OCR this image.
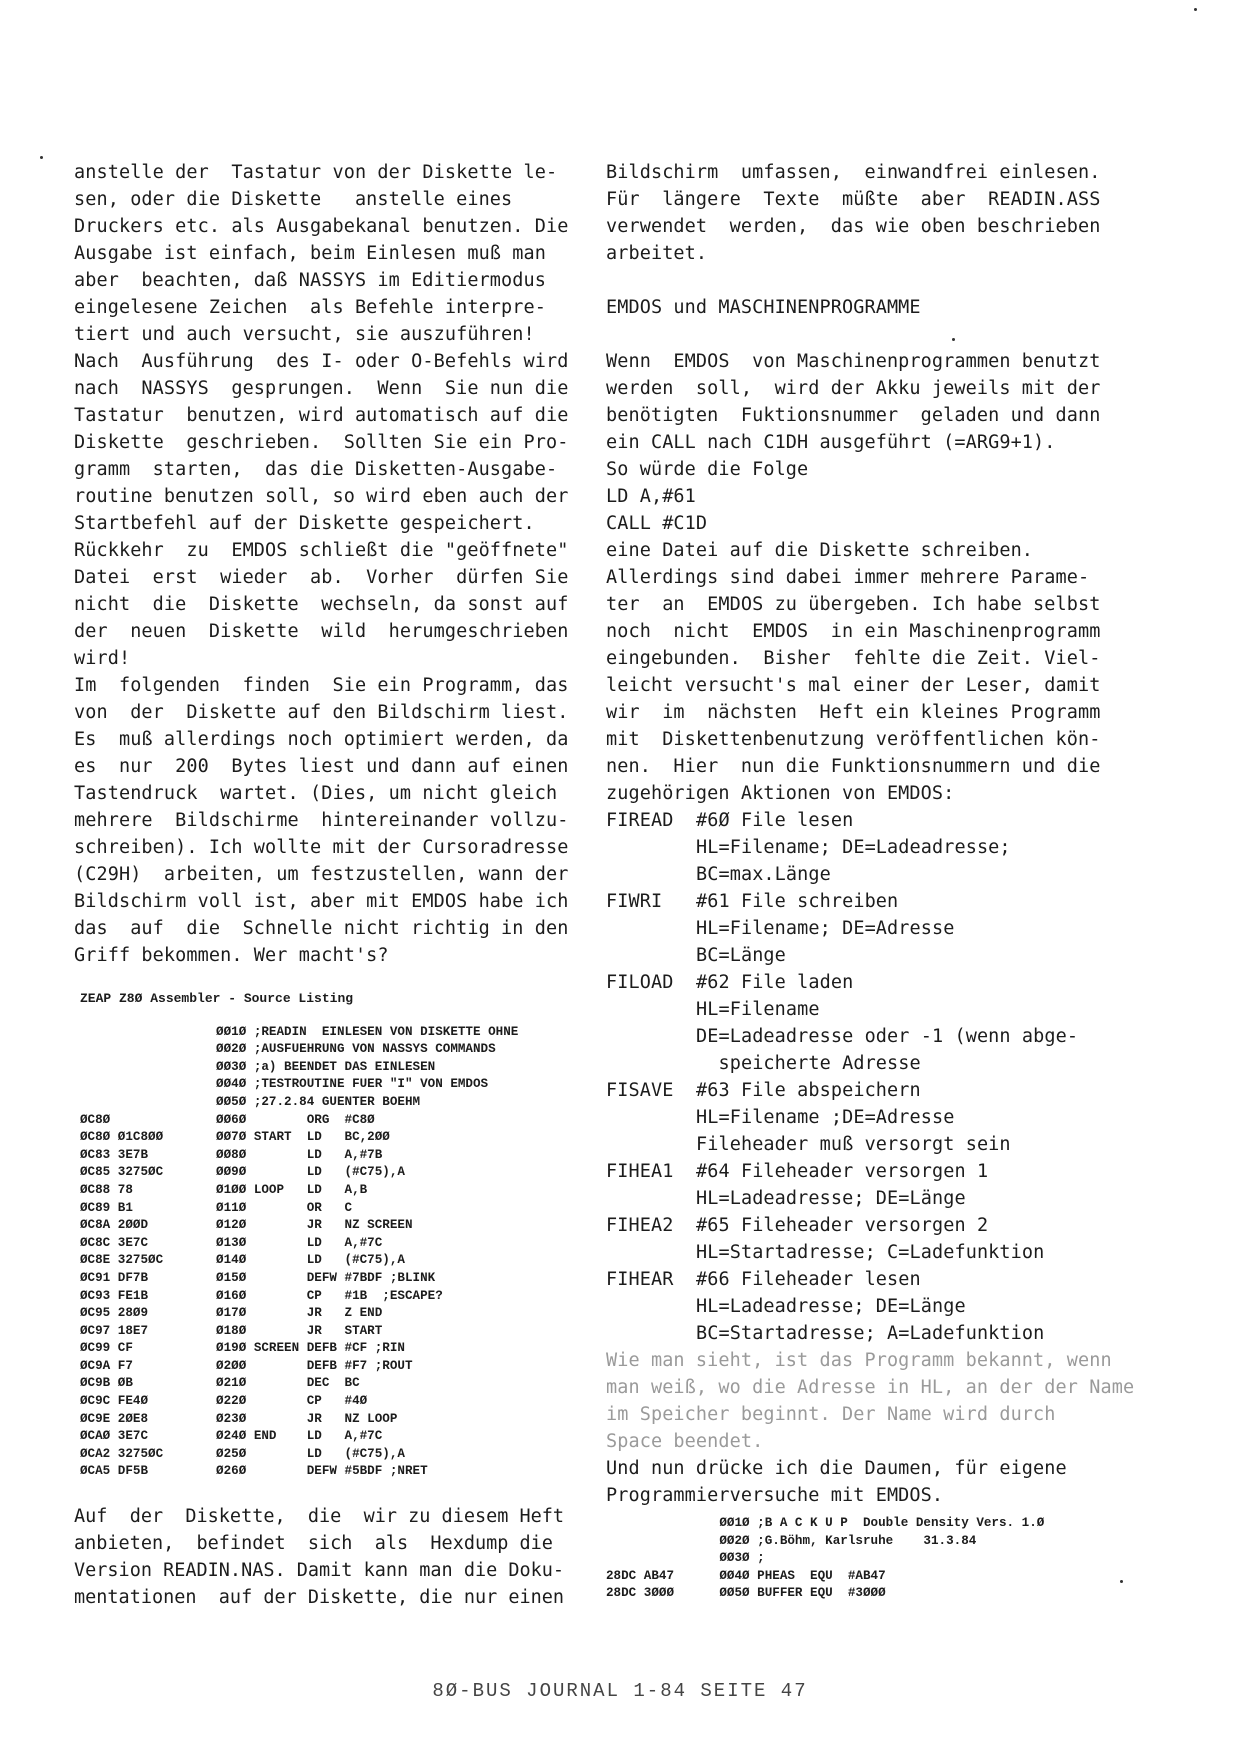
anstelle der  Tastatur von der Diskette le-
sen, oder die Diskette   anstelle eines
Druckers etc. als Ausgabekanal benutzen. Die
Ausgabe ist einfach, beim Einlesen muß man
aber  beachten, daß NASSYS im Editiermodus
eingelesene Zeichen  als Befehle interpre-
tiert und auch versucht, sie auszuführen!
Nach  Ausführung  des I- oder O-Befehls wird
nach  NASSYS  gesprungen.  Wenn  Sie nun die
Tastatur  benutzen, wird automatisch auf die
Diskette  geschrieben.  Sollten Sie ein Pro-
gramm  starten,  das die Disketten-Ausgabe-
routine benutzen soll, so wird eben auch der
Startbefehl auf der Diskette gespeichert.
Rückkehr  zu  EMDOS schließt die "geöffnete"
Datei  erst  wieder  ab.  Vorher  dürfen Sie
nicht  die  Diskette  wechseln, da sonst auf
der  neuen  Diskette  wild  herumgeschrieben
wird!
Im  folgenden  finden  Sie ein Programm, das
von  der  Diskette auf den Bildschirm liest.
Es  muß allerdings noch optimiert werden, da
es  nur  200  Bytes liest und dann auf einen
Tastendruck  wartet. (Dies, um nicht gleich
mehrere  Bildschirme  hintereinander vollzu-
schreiben). Ich wollte mit der Cursoradresse
(C29H)  arbeiten, um festzustellen, wann der
Bildschirm voll ist, aber mit EMDOS habe ich
das  auf  die  Schnelle nicht richtig in den
Griff bekommen. Wer macht's?
ZEAP Z8Ø Assembler - Source Listing
ØØ1Ø ;READIN  EINLESEN VON DISKETTE OHNE
ØØ2Ø ;AUSFUEHRUNG VON NASSYS COMMANDS
ØØ3Ø ;a) BEENDET DAS EINLESEN
ØØ4Ø ;TESTROUTINE FUER "I" VON EMDOS
ØØ5Ø ;27.2.84 GUENTER BOEHM
ØC8Ø              ØØ6Ø        ORG  #C8Ø
ØC8Ø Ø1C8ØØ       ØØ7Ø START  LD   BC,2ØØ
ØC83 3E7B         ØØ8Ø        LD   A,#7B
ØC85 3275ØC       ØØ9Ø        LD   (#C75),A
ØC88 78           Ø1ØØ LOOP   LD   A,B
ØC89 B1           Ø11Ø        OR   C
ØC8A 2ØØD         Ø12Ø        JR   NZ SCREEN
ØC8C 3E7C         Ø13Ø        LD   A,#7C
ØC8E 3275ØC       Ø14Ø        LD   (#C75),A
ØC91 DF7B         Ø15Ø        DEFW #7BDF ;BLINK
ØC93 FE1B         Ø16Ø        CP   #1B  ;ESCAPE?
ØC95 28Ø9         Ø17Ø        JR   Z END
ØC97 18E7         Ø18Ø        JR   START
ØC99 CF           Ø19Ø SCREEN DEFB #CF ;RIN
ØC9A F7           Ø2ØØ        DEFB #F7 ;ROUT
ØC9B ØB           Ø21Ø        DEC  BC
ØC9C FE4Ø         Ø22Ø        CP   #4Ø
ØC9E 2ØE8         Ø23Ø        JR   NZ LOOP
ØCAØ 3E7C         Ø24Ø END    LD   A,#7C
ØCA2 3275ØC       Ø25Ø        LD   (#C75),A
ØCA5 DF5B         Ø26Ø        DEFW #5BDF ;NRET
Auf  der  Diskette,  die  wir zu diesem Heft
anbieten,  befindet  sich  als  Hexdump die
Version READIN.NAS. Damit kann man die Doku-
mentationen  auf der Diskette, die nur einen
Bildschirm  umfassen,  einwandfrei einlesen.
Für  längere  Texte  müßte  aber  READIN.ASS
verwendet  werden,  das wie oben beschrieben
arbeitet.
EMDOS und MASCHINENPROGRAMME
Wenn  EMDOS  von Maschinenprogrammen benutzt
werden  soll,  wird der Akku jeweils mit der
benötigten  Fuktionsnummer  geladen und dann
ein CALL nach C1DH ausgeführt (=ARG9+1).
So würde die Folge
LD A,#61
CALL #C1D
eine Datei auf die Diskette schreiben.
Allerdings sind dabei immer mehrere Parame-
ter  an  EMDOS zu übergeben. Ich habe selbst
noch  nicht  EMDOS  in ein Maschinenprogramm
eingebunden.  Bisher  fehlte die Zeit. Viel-
leicht versucht's mal einer der Leser, damit
wir  im  nächsten  Heft ein kleines Programm
mit  Diskettenbenutzung veröffentlichen kön-
nen.  Hier  nun die Funktionsnummern und die
zugehörigen Aktionen von EMDOS:
FIREAD	#6Ø File lesen
HL=Filename; DE=Ladeadresse;
BC=max.Länge
FIWRI	#61 File schreiben
HL=Filename; DE=Adresse
BC=Länge
FILOAD	#62 File laden
HL=Filename
DE=Ladeadresse oder -1 (wenn abge-
speicherte Adresse
FISAVE	#63 File abspeichern
HL=Filename ;DE=Adresse
Fileheader muß versorgt sein
FIHEA1	#64 Fileheader versorgen 1
HL=Ladeadresse; DE=Länge
FIHEA2	#65 Fileheader versorgen 2
HL=Startadresse; C=Ladefunktion
FIHEAR	#66 Fileheader lesen
HL=Ladeadresse; DE=Länge
BC=Startadresse; A=Ladefunktion
Wie man sieht, ist das Programm bekannt, wenn
man weiß, wo die Adresse in HL, an der der Name
im Speicher beginnt. Der Name wird durch
Space beendet.
Und nun drücke ich die Daumen, für eigene
Programmierversuche mit EMDOS.
ØØ1Ø ;B A C K U P  Double Density Vers. 1.Ø
ØØ2Ø ;G.Böhm, Karlsruhe    31.3.84
ØØ3Ø ;
28DC AB47      ØØ4Ø PHEAS  EQU  #AB47
28DC 3ØØØ      ØØ5Ø BUFFER EQU  #3ØØØ
8Ø-BUS JOURNAL 1-84 SEITE 47
